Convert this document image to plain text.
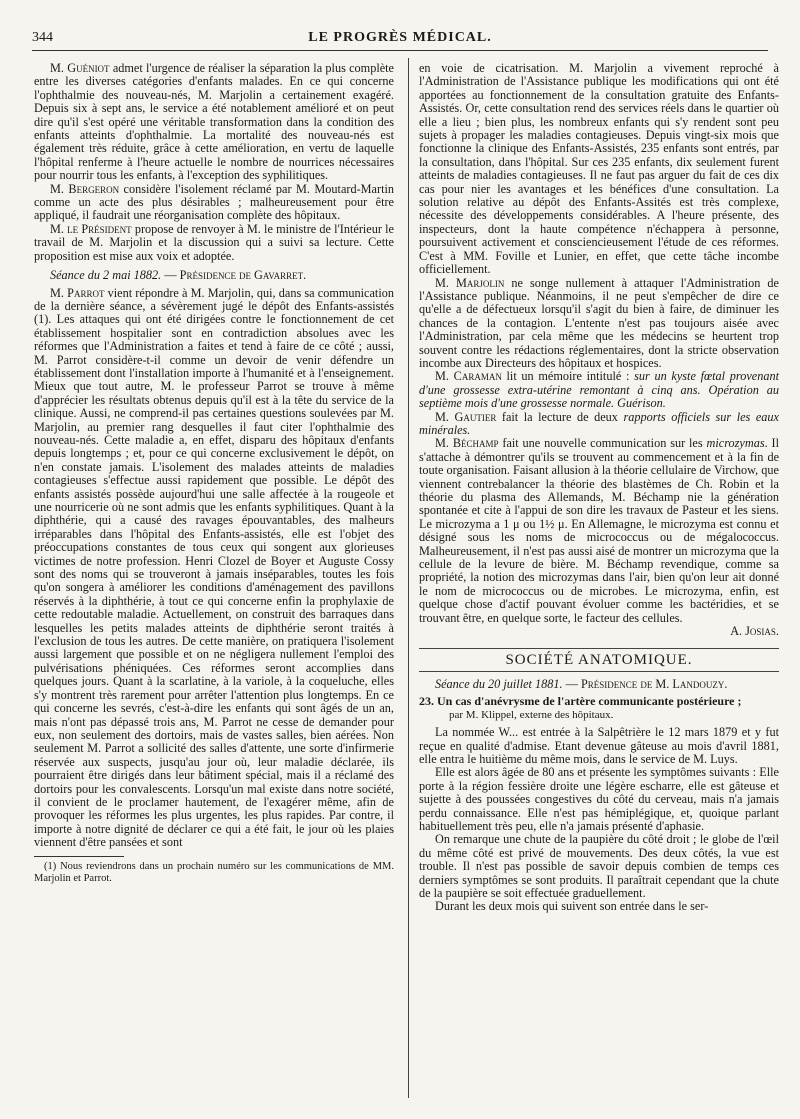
344	LE PROGRÈS MÉDICAL.

M. Guéniot admet l'urgence de réaliser la séparation la plus complète entre les diverses catégories d'enfants malades. En ce qui concerne l'ophthalmie des nouveau-nés, M. Marjolin a certainement exagéré. Depuis six à sept ans, le service a été notablement amélioré et on peut dire qu'il s'est opéré une véritable transformation dans la condition des enfants atteints d'ophthalmie. La mortalité des nouveau-nés est également très réduite, grâce à cette amélioration, en vertu de laquelle l'hôpital renferme à l'heure actuelle le nombre de nourrices nécessaires pour nourrir tous les enfants, à l'exception des syphilitiques.

M. Bergeron considère l'isolement réclamé par M. Moutard-Martin comme un acte des plus désirables ; malheureusement pour être appliqué, il faudrait une réorganisation complète des hôpitaux.

M. le Président propose de renvoyer à M. le ministre de l'Intérieur le travail de M. Marjolin et la discussion qui a suivi sa lecture. Cette proposition est mise aux voix et adoptée.

Séance du 2 mai 1882. — Présidence de Gavarret.

M. Parrot vient répondre à M. Marjolin, qui, dans sa communication de la dernière séance, a sévèrement jugé le dépôt des Enfants-assistés (1). Les attaques qui ont été dirigées contre le fonctionnement de cet établissement hospitalier sont en contradiction absolues avec les réformes que l'Administration a faites et tend à faire de ce côté ; aussi, M. Parrot considère-t-il comme un devoir de venir défendre un établissement dont l'installation importe à l'humanité et à l'enseignement. Mieux que tout autre, M. le professeur Parrot se trouve à même d'apprécier les résultats obtenus depuis qu'il est à la tête du service de la clinique. Aussi, ne comprend-il pas certaines questions soulevées par M. Marjolin, au premier rang desquelles il faut citer l'ophthalmie des nouveau-nés. Cette maladie a, en effet, disparu des hôpitaux d'enfants depuis longtemps ; et, pour ce qui concerne exclusivement le dépôt, on n'en constate jamais. L'isolement des malades atteints de maladies contagieuses s'effectue aussi rapidement que possible. Le dépôt des enfants assistés possède aujourd'hui une salle affectée à la rougeole et une nourricerie où ne sont admis que les enfants syphilitiques. Quant à la diphthérie, qui a causé des ravages épouvantables, des malheurs irréparables dans l'hôpital des Enfants-assistés, elle est l'objet des préoccupations constantes de tous ceux qui songent aux glorieuses victimes de notre profession. Henri Clozel de Boyer et Auguste Cossy sont des noms qui se trouveront à jamais inséparables, toutes les fois qu'on songera à améliorer les conditions d'aménagement des pavillons réservés à la diphthérie, à tout ce qui concerne enfin la prophylaxie de cette redoutable maladie. Actuellement, on construit des barraques dans lesquelles les petits malades atteints de diphthérie seront traités à l'exclusion de tous les autres. De cette manière, on pratiquera l'isolement aussi largement que possible et on ne négligera nullement l'emploi des pulvérisations phéniquées. Ces réformes seront accomplies dans quelques jours. Quant à la scarlatine, à la variole, à la coqueluche, elles s'y montrent très rarement pour arrêter l'attention plus longtemps. En ce qui concerne les sevrés, c'est-à-dire les enfants qui sont âgés de un an, mais n'ont pas dépassé trois ans, M. Parrot ne cesse de demander pour eux, non seulement des dortoirs, mais de vastes salles, bien aérées. Non seulement M. Parrot a sollicité des salles d'attente, une sorte d'infirmerie réservée aux suspects, jusqu'au jour où, leur maladie déclarée, ils pourraient être dirigés dans leur bâtiment spécial, mais il a réclamé des dortoirs pour les convalescents. Lorsqu'un mal existe dans notre société, il convient de le proclamer hautement, de l'exagérer même, afin de provoquer les réformes les plus urgentes, les plus rapides. Par contre, il importe à notre dignité de déclarer ce qui a été fait, le jour où les plaies viennent d'être pansées et sont

(1) Nous reviendrons dans un prochain numéro sur les communications de MM. Marjolin et Parrot.

en voie de cicatrisation. M. Marjolin a vivement reproché à l'Administration de l'Assistance publique les modifications qui ont été apportées au fonctionnement de la consultation gratuite des Enfants-Assistés. Or, cette consultation rend des services réels dans le quartier où elle a lieu ; bien plus, les nombreux enfants qui s'y rendent sont peu sujets à propager les maladies contagieuses. Depuis vingt-six mois que fonctionne la clinique des Enfants-Assistés, 235 enfants sont entrés, par la consultation, dans l'hôpital. Sur ces 235 enfants, dix seulement furent atteints de maladies contagieuses. Il ne faut pas arguer du fait de ces dix cas pour nier les avantages et les bénéfices d'une consultation. La solution relative au dépôt des Enfants-Assités est très complexe, nécessite des développements considérables. A l'heure présente, des inspecteurs, dont la haute compétence n'échappera à personne, poursuivent activement et consciencieusement l'étude de ces réformes. C'est à MM. Foville et Lunier, en effet, que cette tâche incombe officiellement.

M. Marjolin ne songe nullement à attaquer l'Administration de l'Assistance publique. Néanmoins, il ne peut s'empêcher de dire ce qu'elle a de défectueux lorsqu'il s'agit du bien à faire, de diminuer les chances de la contagion. L'entente n'est pas toujours aisée avec l'Administration, par cela même que les médecins se heurtent trop souvent contre les rédactions réglementaires, dont la stricte observation incombe aux Directeurs des hôpitaux et hospices.

M. Caraman lit un mémoire intitulé : sur un kyste fœtal provenant d'une grossesse extra-utérine remontant à cinq ans. Opération au septième mois d'une grossesse normale. Guérison.

M. Gautier fait la lecture de deux rapports officiels sur les eaux minérales.

M. Béchamp fait une nouvelle communication sur les microzymas. Il s'attache à démontrer qu'ils se trouvent au commencement et à la fin de toute organisation. Faisant allusion à la théorie cellulaire de Virchow, que viennent contrebalancer la théorie des blastèmes de Ch. Robin et la théorie du plasma des Allemands, M. Béchamp nie la génération spontanée et cite à l'appui de son dire les travaux de Pasteur et les siens. Le microzyma a 1 μ ou 1½ μ. En Allemagne, le microzyma est connu et désigné sous les noms de micrococcus ou de mégalococcus. Malheureusement, il n'est pas aussi aisé de montrer un microzyma que la cellule de la levure de bière. M. Béchamp revendique, comme sa propriété, la notion des microzymas dans l'air, bien qu'on leur ait donné le nom de micrococcus ou de microbes. Le microzyma, enfin, est quelque chose d'actif pouvant évoluer comme les bactéridies, et se trouvant être, en quelque sorte, le facteur des cellules.

A. Josias.

SOCIÉTÉ ANATOMIQUE.

Séance du 20 juillet 1881. — Présidence de M. Landouzy.

23. Un cas d'anévrysme de l'artère communicante postérieure ;

par M. Klippel, externe des hôpitaux.

La nommée W... est entrée à la Salpêtrière le 12 mars 1879 et y fut reçue en qualité d'admise. Etant devenue gâteuse au mois d'avril 1881, elle entra le huitième du même mois, dans le service de M. Luys.

Elle est alors âgée de 80 ans et présente les symptômes suivants : Elle porte à la région fessière droite une légère escharre, elle est gâteuse et sujette à des poussées congestives du côté du cerveau, mais n'a jamais perdu connaissance. Elle n'est pas hémiplégique, et, quoique parlant habituellement très peu, elle n'a jamais présenté d'aphasie.

On remarque une chute de la paupière du côté droit ; le globe de l'œil du même côté est privé de mouvements. Des deux côtés, la vue est trouble. Il n'est pas possible de savoir depuis combien de temps ces derniers symptômes se sont produits. Il paraîtrait cependant que la chute de la paupière se soit effectuée graduellement.

Durant les deux mois qui suivent son entrée dans le ser-
